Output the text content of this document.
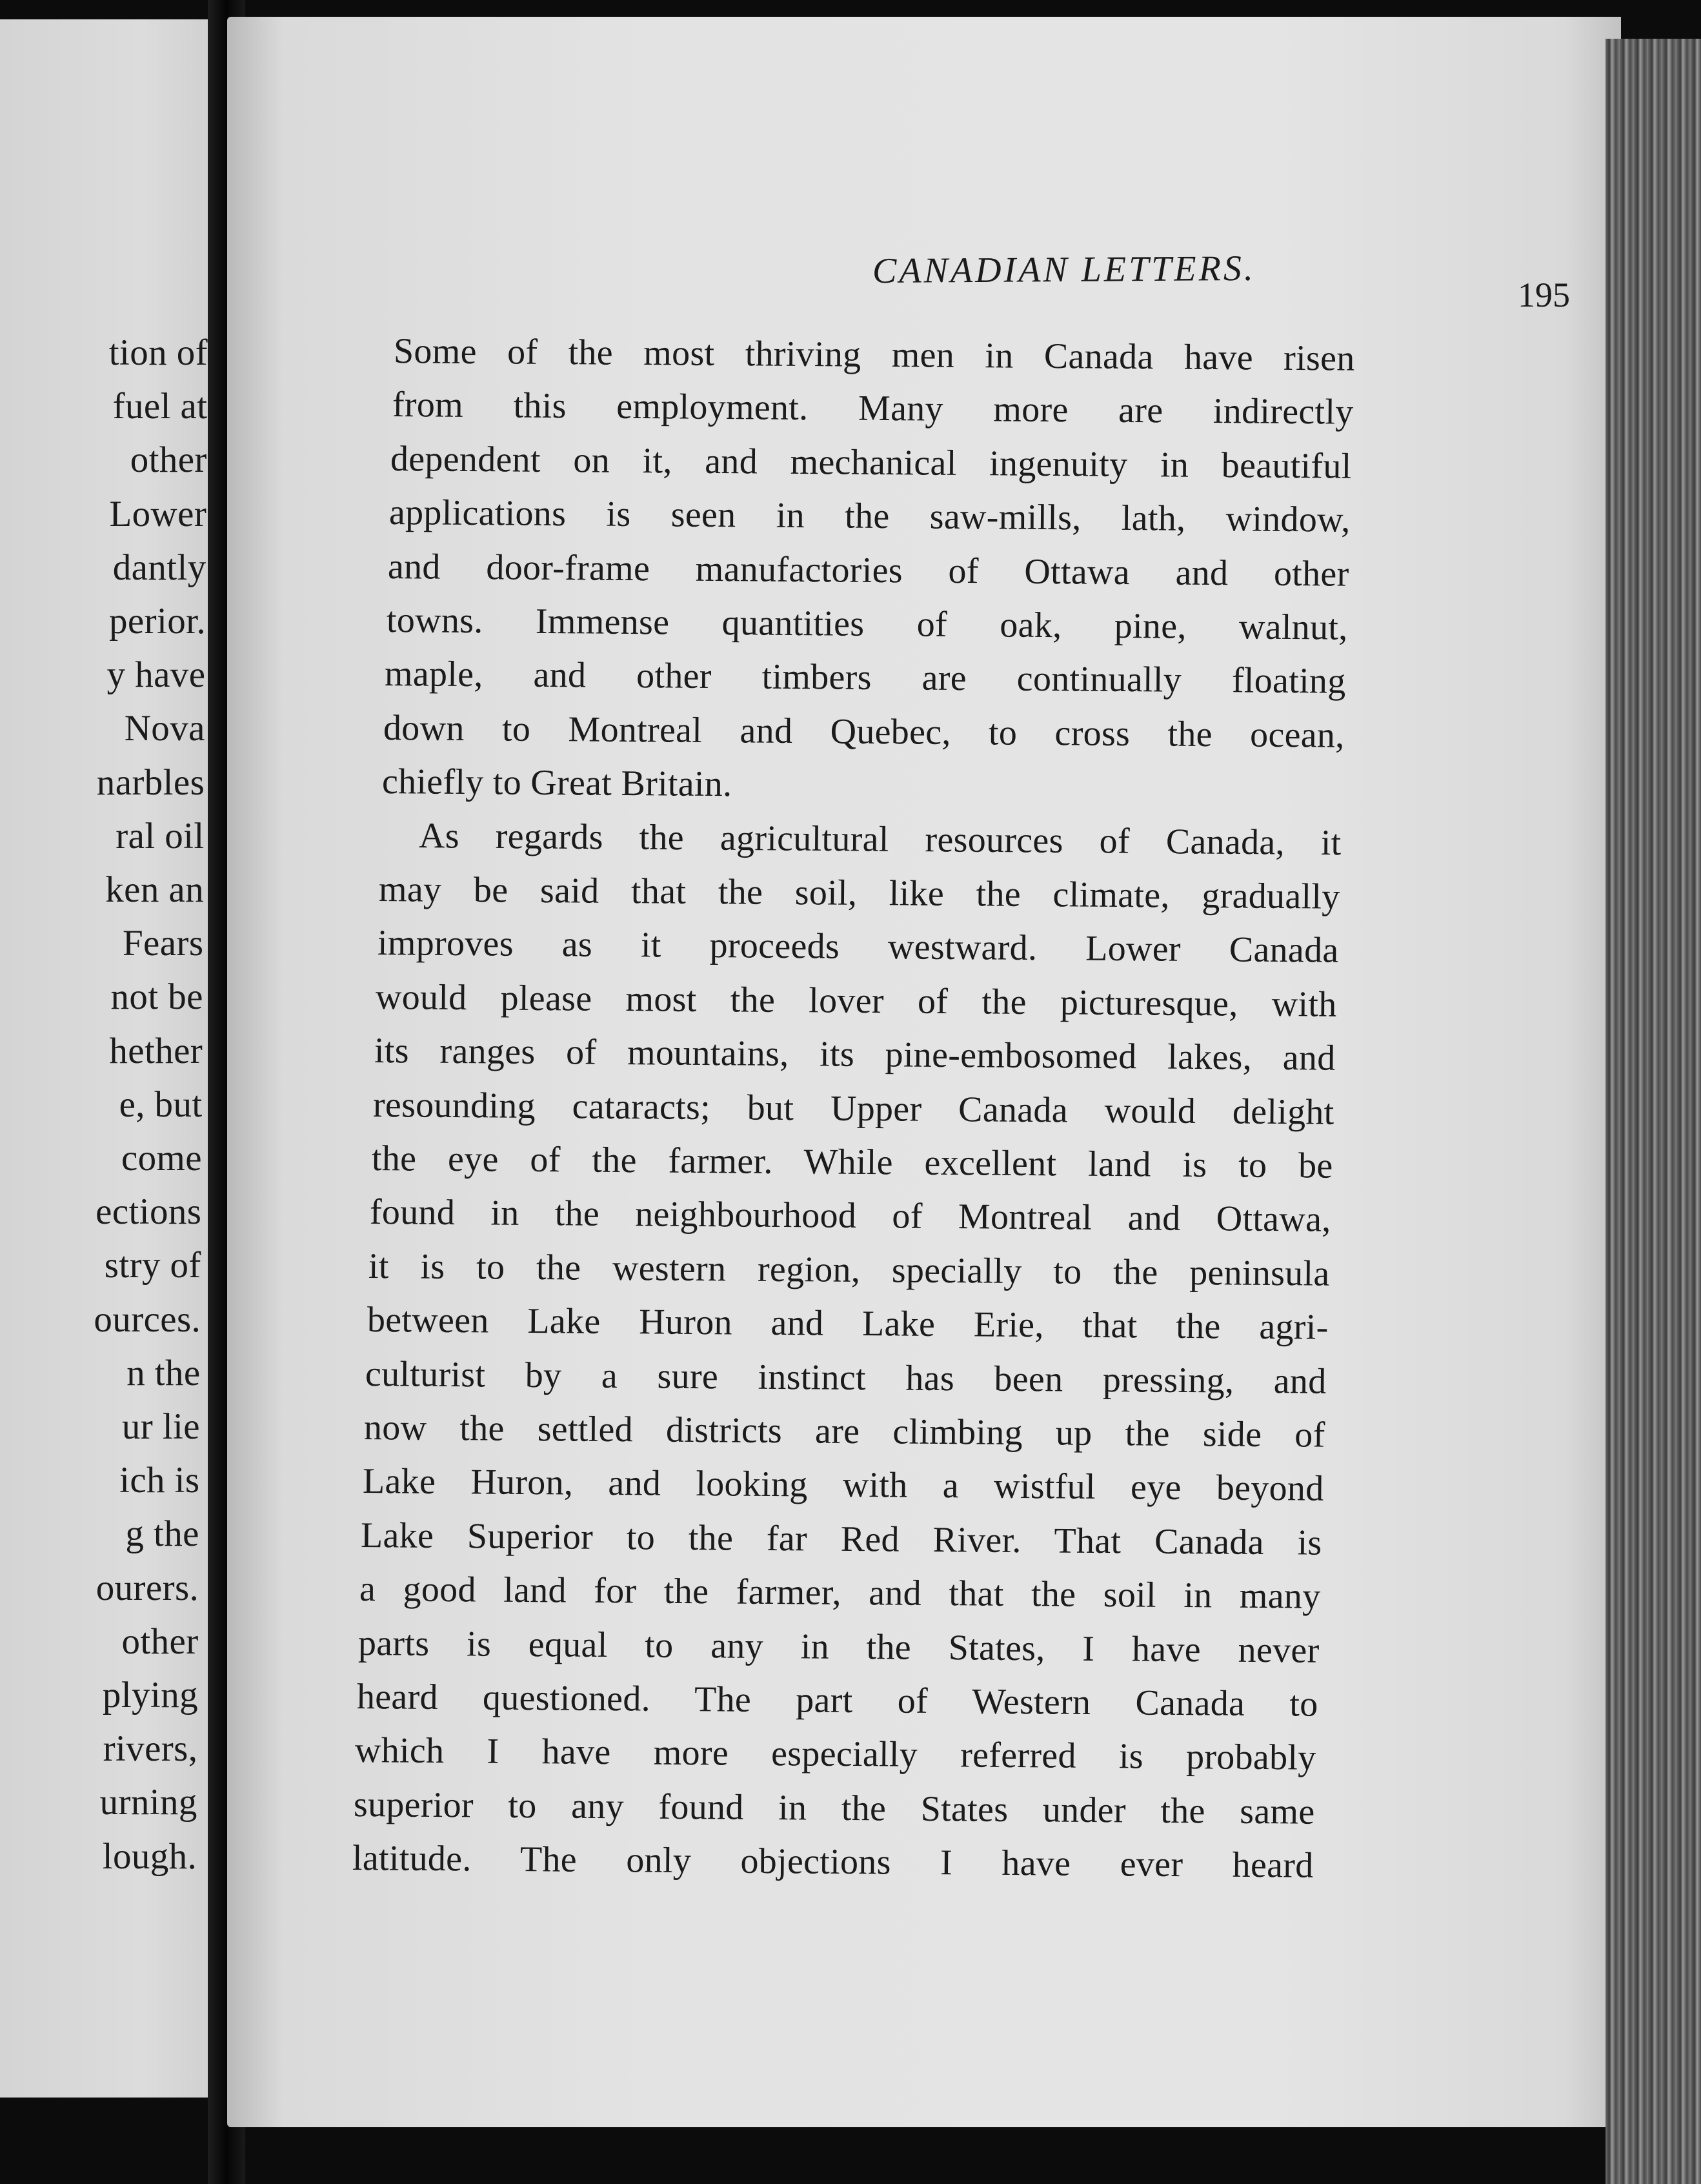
tion of
fuel at
other
Lower
dantly
perior.
y have
Nova
narbles
ral oil
ken an
Fears
not be
hether
e, but
come
ections
stry of
ources.
n the
ur lie
ich is
g the
ourers.
other
plying
rivers,
urning
lough.
CANADIAN LETTERS.
195
Some of the most thriving men in Canada have risen
from this employment. Many more are indirectly
dependent on it, and mechanical ingenuity in beautiful
applications is seen in the saw-mills, lath, window,
and door-frame manufactories of Ottawa and other
towns. Immense quantities of oak, pine, walnut,
maple, and other timbers are continually floating
down to Montreal and Quebec, to cross the ocean,
chiefly to Great Britain.
As regards the agricultural resources of Canada, it
may be said that the soil, like the climate, gradually
improves as it proceeds westward. Lower Canada
would please most the lover of the picturesque, with
its ranges of mountains, its pine-embosomed lakes, and
resounding cataracts; but Upper Canada would delight
the eye of the farmer. While excellent land is to be
found in the neighbourhood of Montreal and Ottawa,
it is to the western region, specially to the peninsula
between Lake Huron and Lake Erie, that the agri-
culturist by a sure instinct has been pressing, and
now the settled districts are climbing up the side of
Lake Huron, and looking with a wistful eye beyond
Lake Superior to the far Red River. That Canada is
a good land for the farmer, and that the soil in many
parts is equal to any in the States, I have never
heard questioned. The part of Western Canada to
which I have more especially referred is probably
superior to any found in the States under the same
latitude. The only objections I have ever heard
